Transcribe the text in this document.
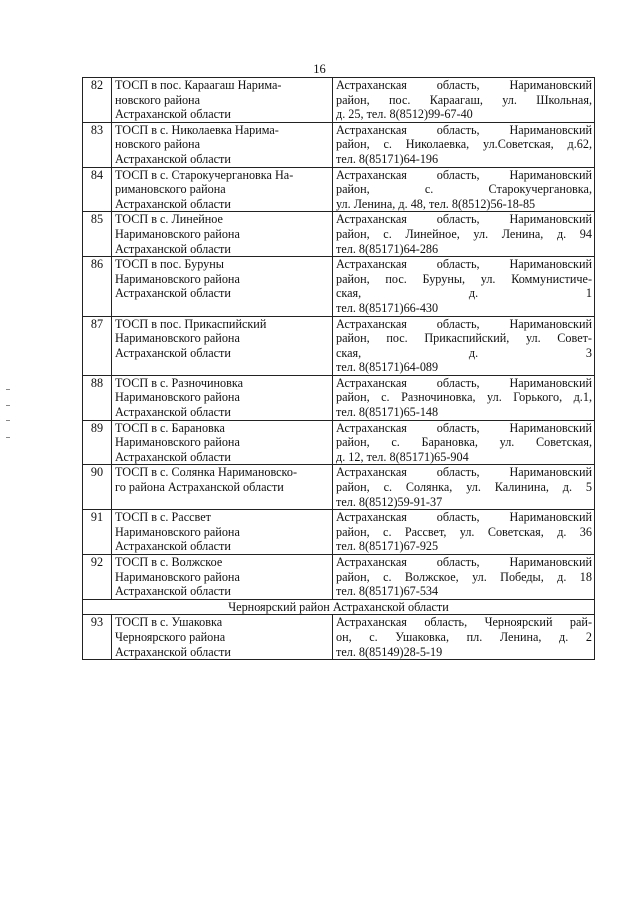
16
82	ТОСП в пос. Караагаш Нарима-
новского района
Астраханской области	Астраханская область, Наримановский
район, пос. Караагаш, ул. Школьная,
д. 25, тел. 8(8512)99-67-40

83	ТОСП в с. Николаевка Нарима-
новского района
Астраханской области	Астраханская область, Наримановский
район, с. Николаевка, ул.Советская, д.62,
тел. 8(85171)64-196

84	ТОСП в с. Старокучергановка На-
римановского района
Астраханской области	Астраханская область, Наримановский
район, с. Старокучергановка,
ул. Ленина, д. 48, тел. 8(8512)56-18-85

85	ТОСП в с. Линейное
Наримановского района
Астраханской области	Астраханская область, Наримановский
район, с. Линейное, ул. Ленина, д. 94
тел. 8(85171)64-286

86	ТОСП в пос. Буруны
Наримановского района
Астраханской области	Астраханская область, Наримановский
район, пос. Буруны, ул. Коммунистиче-
ская, д. 1
тел. 8(85171)66-430

87	ТОСП в пос. Прикаспийский
Наримановского района
Астраханской области	Астраханская область, Наримановский
район, пос. Прикаспийский, ул. Совет-
ская, д. 3
тел. 8(85171)64-089

88	ТОСП в с. Разночиновка
Наримановского района
Астраханской области	Астраханская область, Наримановский
район, с. Разночиновка, ул. Горького, д.1,
тел. 8(85171)65-148

89	ТОСП в с. Барановка
Наримановского района
Астраханской области	Астраханская область, Наримановский
район, с. Барановка, ул. Советская,
д. 12, тел. 8(85171)65-904

90	ТОСП в с. Солянка Наримановско-
го района Астраханской области	Астраханская область, Наримановский
район, с. Солянка, ул. Калинина, д. 5
тел. 8(8512)59-91-37

91	ТОСП в с. Рассвет
Наримановского района
Астраханской области	Астраханская область, Наримановский
район, с. Рассвет, ул. Советская, д. 36
тел. 8(85171)67-925

92	ТОСП в с. Волжское
Наримановского района
Астраханской области	Астраханская область, Наримановский
район, с. Волжское, ул. Победы, д. 18
тел. 8(85171)67-534

Черноярский район Астраханской области		
93	ТОСП в с. Ушаковка
Черноярского района
Астраханской области	Астраханская область, Черноярский рай-
он, с. Ушаковка, пл. Ленина, д. 2
тел. 8(85149)28-5-19
